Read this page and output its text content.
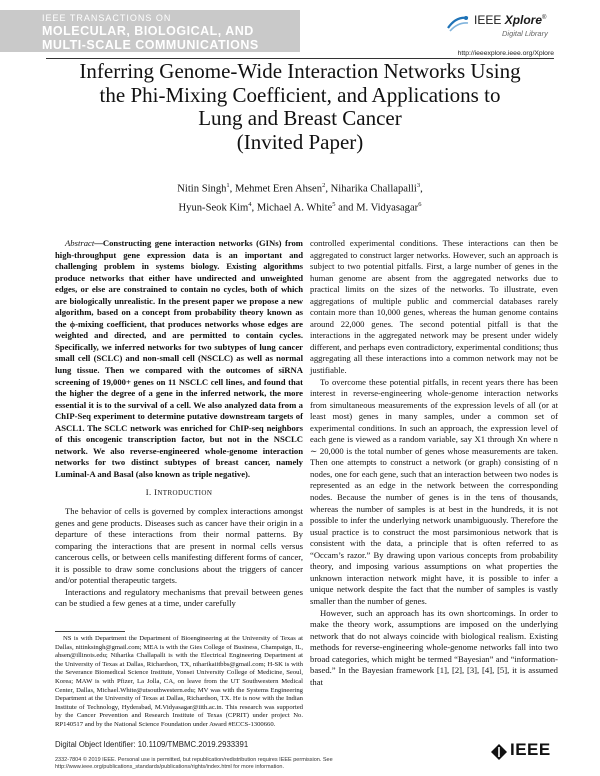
IEEE TRANSACTIONS ON
MOLECULAR, BIOLOGICAL, AND
MULTI-SCALE COMMUNICATIONS
IEEE Xplore®
Digital Library
http://ieeexplore.ieee.org/Xplore
Inferring Genome-Wide Interaction Networks Using
the Phi-Mixing Coefficient, and Applications to
Lung and Breast Cancer
(Invited Paper)
Nitin Singh$^1$, Mehmet Eren Ahsen$^2$, Niharika Challapalli$^3$,
Hyun-Seok Kim$^4$, Michael A. White$^5$ and M. Vidyasagar$^6$

Abstract—Constructing gene interaction networks (GINs) from high-throughput gene expression data is an important and challenging problem in systems biology. Existing algorithms produce networks that either have undirected and unweighted edges, or else are constrained to contain no cycles, both of which are biologically unrealistic. In the present paper we propose a new algorithm, based on a concept from probability theory known as the ϕ-mixing coefficient, that produces networks whose edges are weighted and directed, and are permitted to contain cycles. Specifically, we inferred networks for two subtypes of lung cancer small cell (SCLC) and non-small cell (NSCLC) as well as normal lung tissue. Then we compared with the outcomes of siRNA screening of 19,000+ genes on 11 NSCLC cell lines, and found that the higher the degree of a gene in the inferred network, the more essential it is to the survival of a cell. We also analyzed data from a ChIP-Seq experiment to determine putative downstream targets of ASCL1. The SCLC network was enriched for ChIP-seq neighbors of this oncogenic transcription factor, but not in the NSCLC network. We also reverse-engineered whole-genome interaction networks for two distinct subtypes of breast cancer, namely Luminal-A and Basal (also known as triple negative).

I. INTRODUCTION

The behavior of cells is governed by complex interactions amongst genes and gene products. Diseases such as cancer have their origin in a departure of these interactions from their normal patterns. By comparing the interactions that are present in normal cells versus cancerous cells, or between cells manifesting different forms of cancer, it is possible to draw some conclusions about the triggers of cancer and/or potential therapeutic targets.

Interactions and regulatory mechanisms that prevail between genes can be studied a few genes at a time, under carefully

NS is with Department the Department of Bioengineering at the University of Texas at Dallas, nitinksingh@gmail.com; MEA is with the Gies College of Business, Champaign, IL, ahsen@illinois.edu; Niharika Challapalli is with the Electrical Engineering Department at the University of Texas at Dallas, Richardson, TX, niharikaiitbbs@gmail.com; H-SK is with the Severance Biomedical Science Institute, Yonsei University College of Medicine, Seoul, Korea; MAW is with Pfizer, La Jolla, CA, on leave from the UT Southwestern Medical Center, Dallas, Michael.White@utsouthwestern.edu; MV was with the Systems Engineering Department at the University of Texas at Dallas, Richardson, TX. He is now with the Indian Institute of Technology, Hyderabad, M.Vidyasagar@iith.ac.in. This research was supported by the Cancer Prevention and Research Institute of Texas (CPRIT) under project No. RP140517 and by the National Science Foundation under Award #ECCS-1300660.

controlled experimental conditions. These interactions can then be aggregated to construct larger networks. However, such an approach is subject to two potential pitfalls. First, a large number of genes in the human genome are absent from the aggregated networks due to practical limits on the sizes of the networks. To illustrate, even aggregations of multiple public and commercial databases rarely contain more than 10,000 genes, whereas the human genome contains around 22,000 genes. The second potential pitfall is that the interactions in the aggregated network may be present under widely different, and perhaps even contradictory, experimental conditions; thus aggregating all these interactions into a common network may not be justifiable.

To overcome these potential pitfalls, in recent years there has been interest in reverse-engineering whole-genome interaction networks from simultaneous measurements of the expression levels of all (or at least most) genes in many samples, under a common set of experimental conditions. In such an approach, the expression level of each gene is viewed as a random variable, say X1 through Xn where n ∼ 20,000 is the total number of genes whose measurements are taken. Then one attempts to construct a network (or graph) consisting of n nodes, one for each gene, such that an interaction between two nodes is represented as an edge in the network between the corresponding nodes. Because the number of genes is in the tens of thousands, whereas the number of samples is at best in the hundreds, it is not possible to infer the underlying network unambiguously. Therefore the usual practice is to construct the most parsimonious network that is consistent with the data, a principle that is often referred to as “Occam’s razor.” By drawing upon various concepts from probability theory, and imposing various assumptions on what properties the unknown interaction network might have, it is possible to infer a unique network despite the fact that the number of samples is vastly smaller than the number of genes.

However, such an approach has its own shortcomings. In order to make the theory work, assumptions are imposed on the underlying network that do not always coincide with biological realism. Existing methods for reverse-engineering whole-genome networks fall into two broad categories, which might be termed “Bayesian” and “information-based.” In the Bayesian framework [1], [2], [3], [4], [5], it is assumed that

Digital Object Identifier: 10.1109/TMBMC.2019.2933391
2332-7804 © 2019 IEEE. Personal use is permitted, but republication/redistribution requires IEEE permission. See http://www.ieee.org/publications_standards/publications/rights/index.html for more information.
IEEE
